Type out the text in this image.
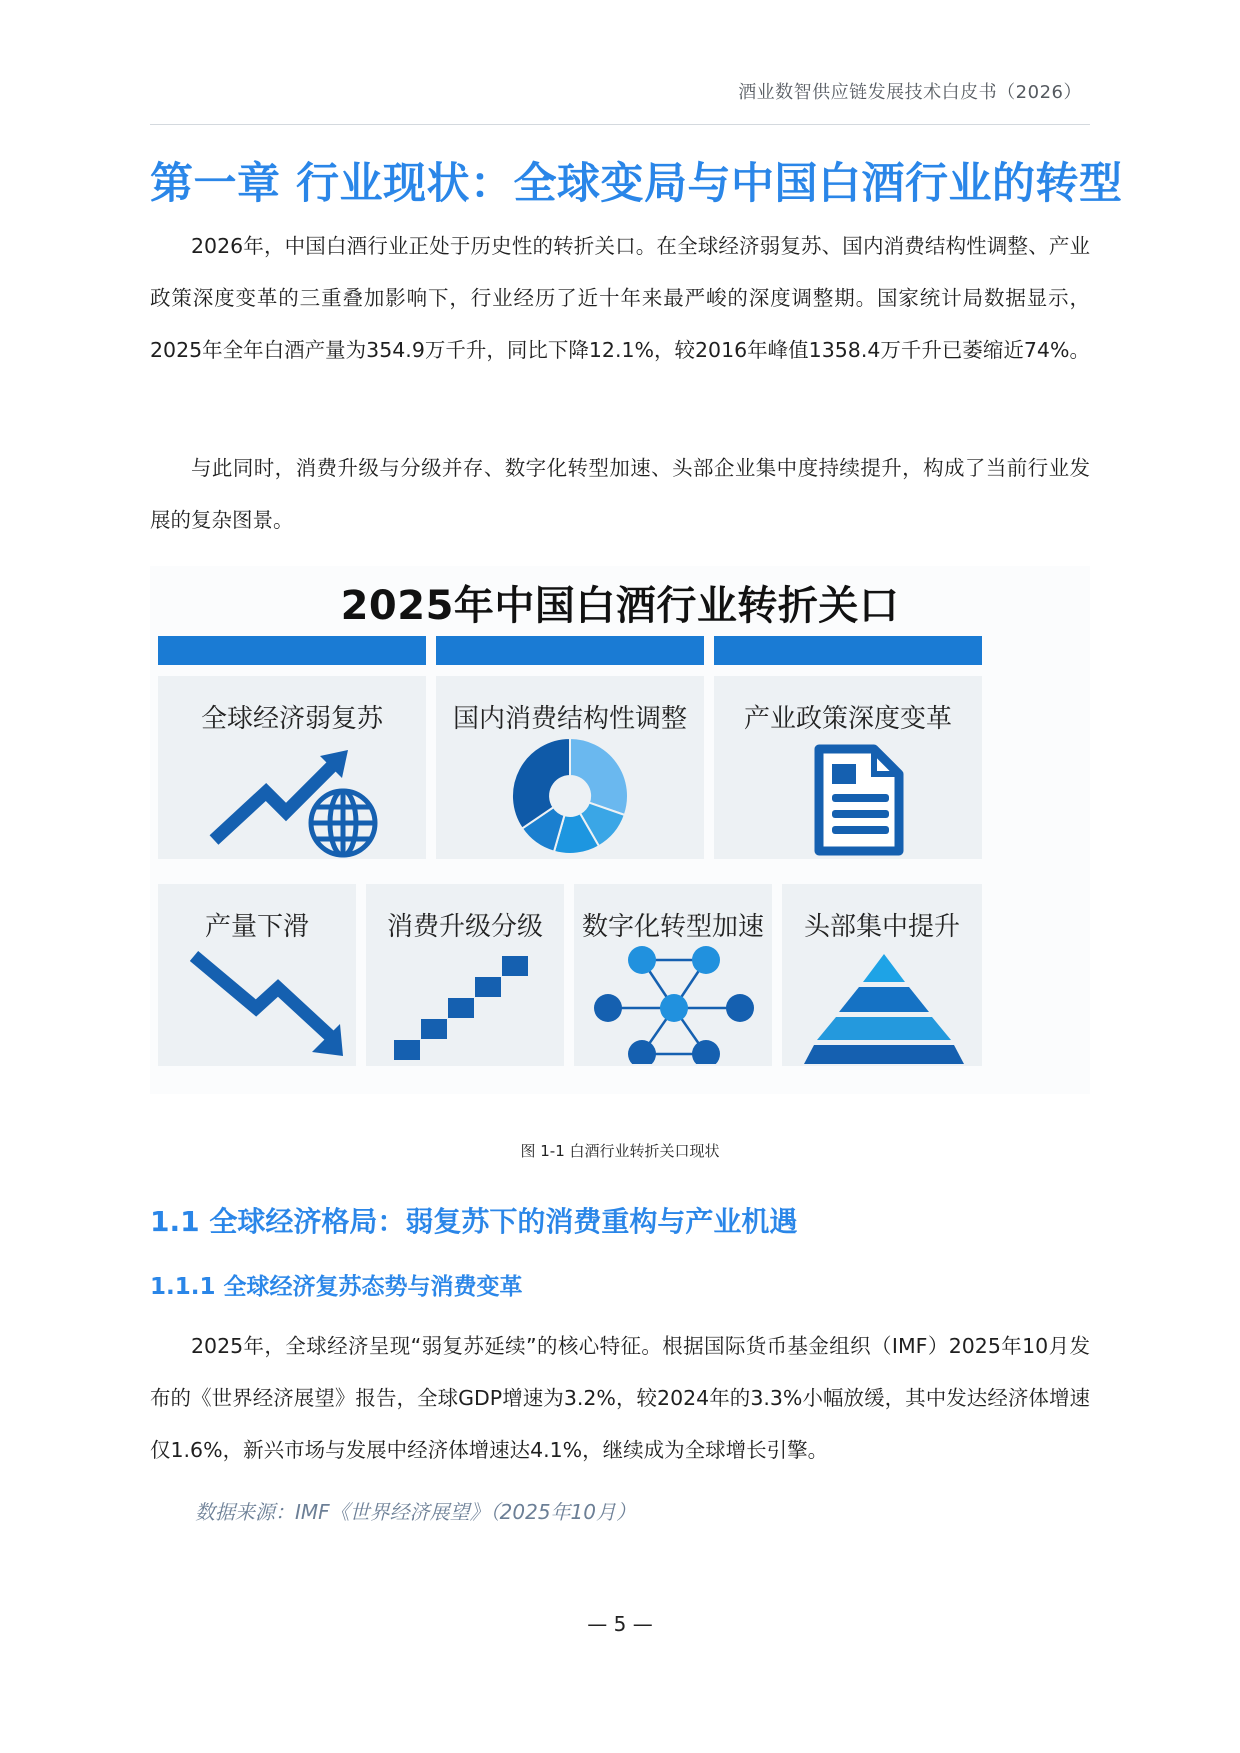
酒业数智供应链发展技术白皮书（2026）
第一章 行业现状：全球变局与中国白酒行业的转型

2026年，中国白酒行业正处于历史性的转折关口。在全球经济弱复苏、国内消费结构性调整、产业政策深度变革的三重叠加影响下，行业经历了近十年来最严峻的深度调整期。国家统计局数据显示，2025年全年白酒产量为354.9万千升，同比下降12.1%，较2016年峰值1358.4万千升已萎缩近74%。

与此同时，消费升级与分级并存、数字化转型加速、头部企业集中度持续提升，构成了当前行业发展的复杂图景。

2025年中国白酒行业转折关口
全球经济弱复苏	国内消费结构性调整	产业政策深度变革
产量下滑	消费升级分级	数字化转型加速	头部集中提升
图 1-1 白酒行业转折关口现状
1.1 全球经济格局：弱复苏下的消费重构与产业机遇
1.1.1 全球经济复苏态势与消费变革

2025年，全球经济呈现“弱复苏延续”的核心特征。根据国际货币基金组织（IMF）2025年10月发布的《世界经济展望》报告，全球GDP增速为3.2%，较2024年的3.3%小幅放缓，其中发达经济体增速仅1.6%，新兴市场与发展中经济体增速达4.1%，继续成为全球增长引擎。

数据来源：IMF《世界经济展望》（2025年10月）
— 5 —
